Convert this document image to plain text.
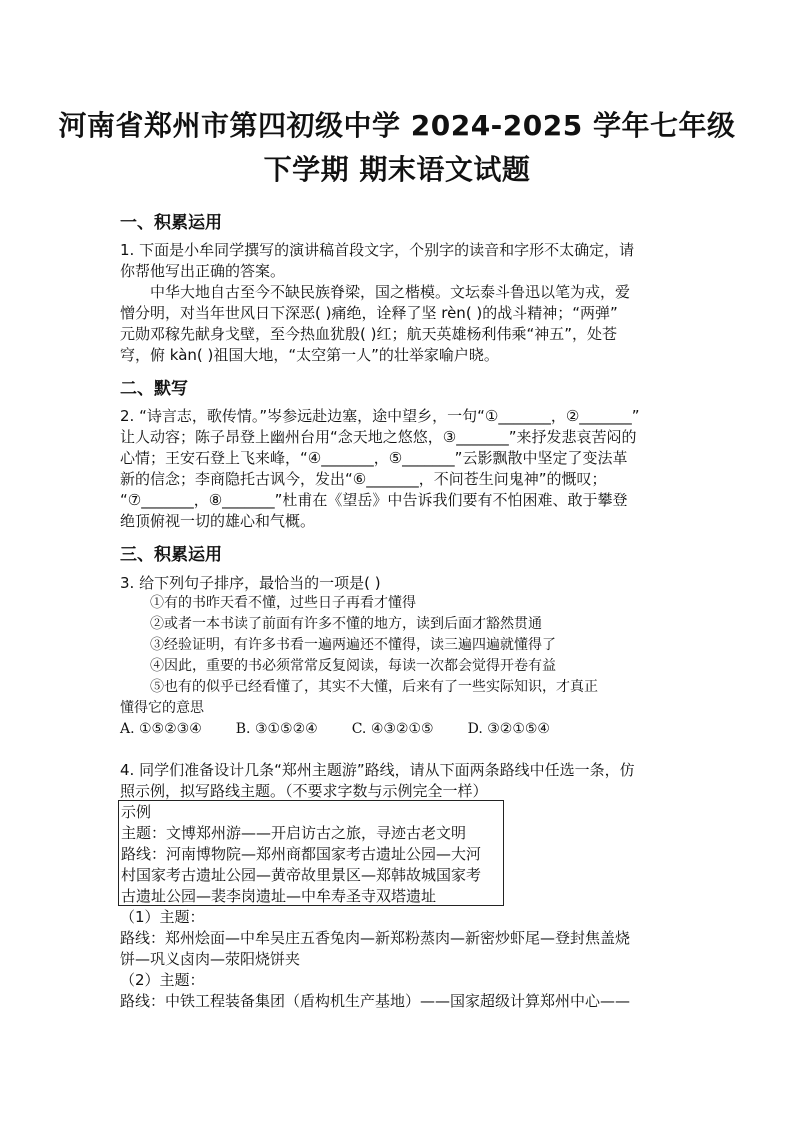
河南省郑州市第四初级中学 2024-2025 学年七年级
下学期 期末语文试题
一、积累运用
1. 下面是小牟同学撰写的演讲稿首段文字，个别字的读音和字形不太确定，请
你帮他写出正确的答案。
中华大地自古至今不缺民族脊梁，国之楷模。文坛泰斗鲁迅以笔为戎，爱
憎分明，对当年世风日下深恶( )痛绝，诠释了坚 rèn( )的战斗精神；“两弹”
元勋邓稼先献身戈壁，至今热血犹殷( )红；航天英雄杨利伟乘“神五”，处苍
穹，俯 kàn( )祖国大地，“太空第一人”的壮举家喻户晓。
二、默写
2. “诗言志，歌传情。”岑参远赴边塞，途中望乡，一句“①_______，②_______”
让人动容；陈子昂登上幽州台用“念天地之悠悠，③_______”来抒发悲哀苦闷的
心情；王安石登上飞来峰，“④_______，⑤_______”云影飘散中坚定了变法革
新的信念；李商隐托古讽今，发出“⑥_______，不问苍生问鬼神”的慨叹；
“⑦_______，⑧_______”杜甫在《望岳》中告诉我们要有不怕困难、敢于攀登
绝顶俯视一切的雄心和气概。
三、积累运用
3. 给下列句子排序，最恰当的一项是( )
①有的书昨天看不懂，过些日子再看才懂得
②或者一本书读了前面有许多不懂的地方，读到后面才豁然贯通
③经验证明，有许多书看一遍两遍还不懂得，读三遍四遍就懂得了
④因此，重要的书必须常常反复阅读，每读一次都会觉得开卷有益
⑤也有的似乎已经看懂了，其实不大懂，后来有了一些实际知识，才真正
懂得它的意思
A. ①⑤②③④ B. ③①⑤②④ C. ④③②①⑤ D. ③②①⑤④
4. 同学们准备设计几条“郑州主题游”路线，请从下面两条路线中任选一条，仿
照示例，拟写路线主题。（不要求字数与示例完全一样）
示例
主题：文博郑州游——开启访古之旅，寻迹古老文明
路线：河南博物院—郑州商都国家考古遗址公园—大河
村国家考古遗址公园—黄帝故里景区—郑韩故城国家考
古遗址公园—裴李岗遗址—中牟寿圣寺双塔遗址
（1）主题：
路线：郑州烩面—中牟吴庄五香兔肉—新郑粉蒸肉—新密炒虾尾—登封焦盖烧
饼—巩义卤肉—荥阳烧饼夹
（2）主题：
路线：中铁工程装备集团（盾构机生产基地）——国家超级计算郑州中心——
